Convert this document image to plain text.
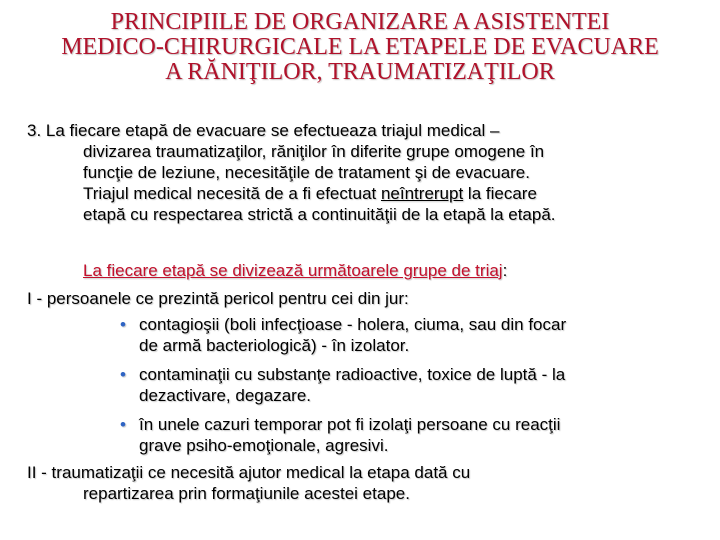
PRINCIPIILE DE ORGANIZARE A ASISTENTEI
MEDICO-CHIRURGICALE LA ETAPELE DE EVACUARE
A RĂNIŢILOR, TRAUMATIZAŢILOR
3. La fiecare etapă de evacuare se efectueaza triajul medical –
divizarea traumatizaţilor, răniţilor în diferite grupe omogene în
funcţie de leziune, necesităţile de tratament şi de evacuare.
Triajul medical necesită de a fi efectuat neîntrerupt la fiecare
etapă cu respectarea strictă a continuităţii de la etapă la etapă.
La fiecare etapă se divizează următoarele grupe de triaj:
I - persoanele ce prezintă pericol pentru cei din jur:
• contagioşii (boli infecţioase - holera, ciuma, sau din focar
de armă bacteriologică) - în izolator.
• contaminaţii cu substanţe radioactive, toxice de luptă - la
dezactivare, degazare.
• în unele cazuri temporar pot fi izolaţi persoane cu reacţii
grave psiho-emoţionale, agresivi.
II - traumatizaţii ce necesită ajutor medical la etapa dată cu
repartizarea prin formaţiunile acestei etape.
